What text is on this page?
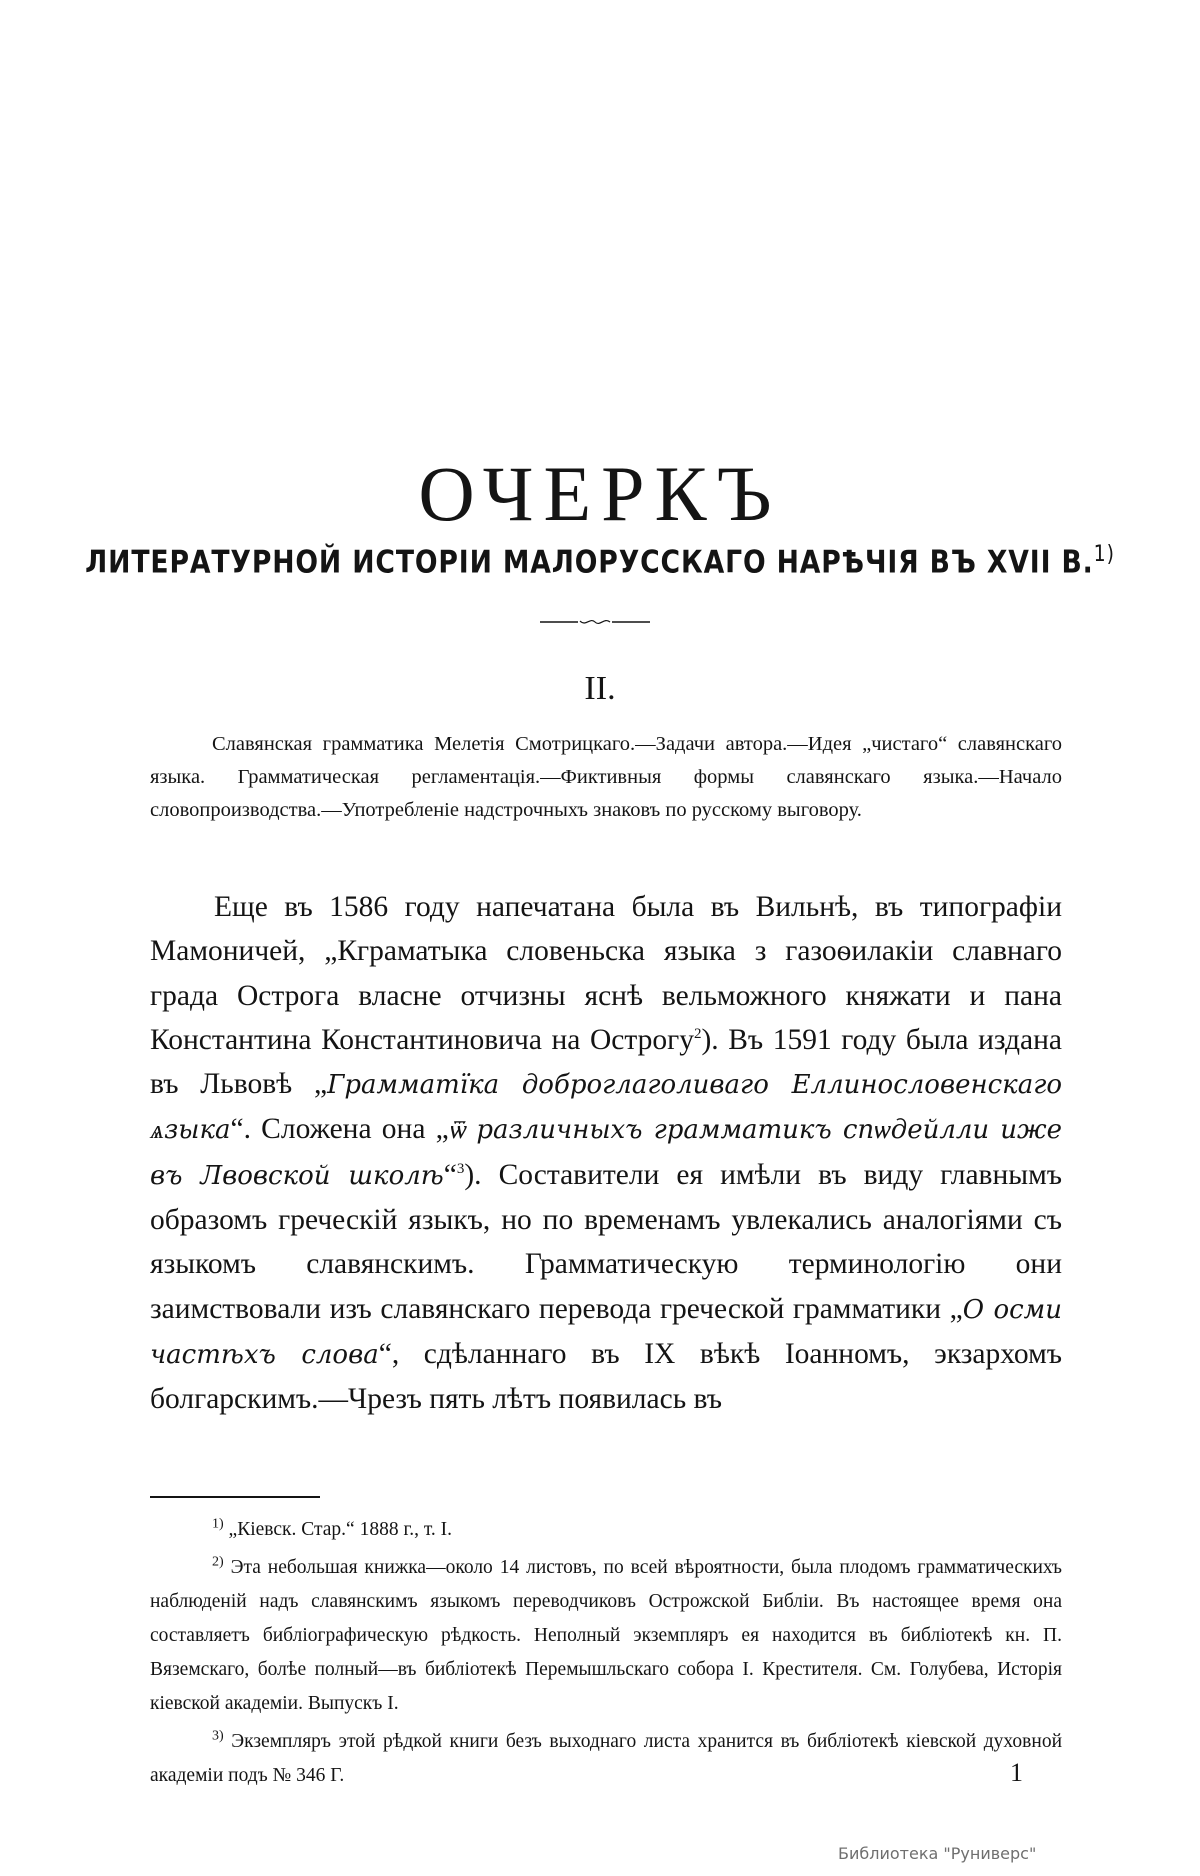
ОЧЕРКЪ
ЛИТЕРАТУРНОЙ ИСТОРІИ МАЛОРУССКАГО НАРѢЧІЯ ВЪ XVII В.$^{1)}$

II.

Славянская грамматика Мелетія Смотрицкаго.—Задачи автора.—Идея „чистаго“ славянскаго языка. Грамматическая регламентація.—Фиктивныя формы славянскаго языка.—Начало словопроизводства.—Употребленіе надстрочныхъ знаковъ по русскому выговору.

Еще въ 1586 году напечатана была въ Вильнѣ, въ типографіи Мамоничей, „Кграматыка словеньска языка з газоѳилакіи славнаго града Острога власне отчизны яснѣ вельможного княжати и пана Константина Константиновича на Острогу$^2$). Въ 1591 году была издана въ Львовѣ „Грамматїка доброглаголиваго Еллинословенскаго ѧзыка“. Сложена она „ѿ различныхъ грамматикъ спѡдейлли иже въ Лвовской школѣ“$^3$). Составители ея имѣли въ виду главнымъ образомъ греческій языкъ, но по временамъ увлекались аналогіями съ языкомъ славянскимъ. Грамматическую терминологію они заимствовали изъ славянскаго перевода греческой грамматики „О осми частѣхъ слова“, сдѣланнаго въ IX вѣкѣ Іоанномъ, экзархомъ болгарскимъ.—Чрезъ пять лѣтъ появилась въ

$^{1)}$ „Кіевск. Стар.“ 1888 г., т. I.

$^{2)}$ Эта небольшая книжка—около 14 листовъ, по всей вѣроятности, была плодомъ грамматическихъ наблюденій надъ славянскимъ языкомъ переводчиковъ Острожской Библіи. Въ настоящее время она составляетъ библіографическую рѣдкость. Неполный экземпляръ ея находится въ библіотекѣ кн. П. Вяземскаго, болѣе полный—въ библіотекѣ Перемышльскаго собора І. Крестителя. См. Голубева, Исторія кіевской академіи. Выпускъ I.

$^{3)}$ Экземпляръ этой рѣдкой книги безъ выходнаго листа хранится въ библіотекѣ кіевской духовной академіи подъ № 346 Г.	1

Библиотека "Руниверс"
